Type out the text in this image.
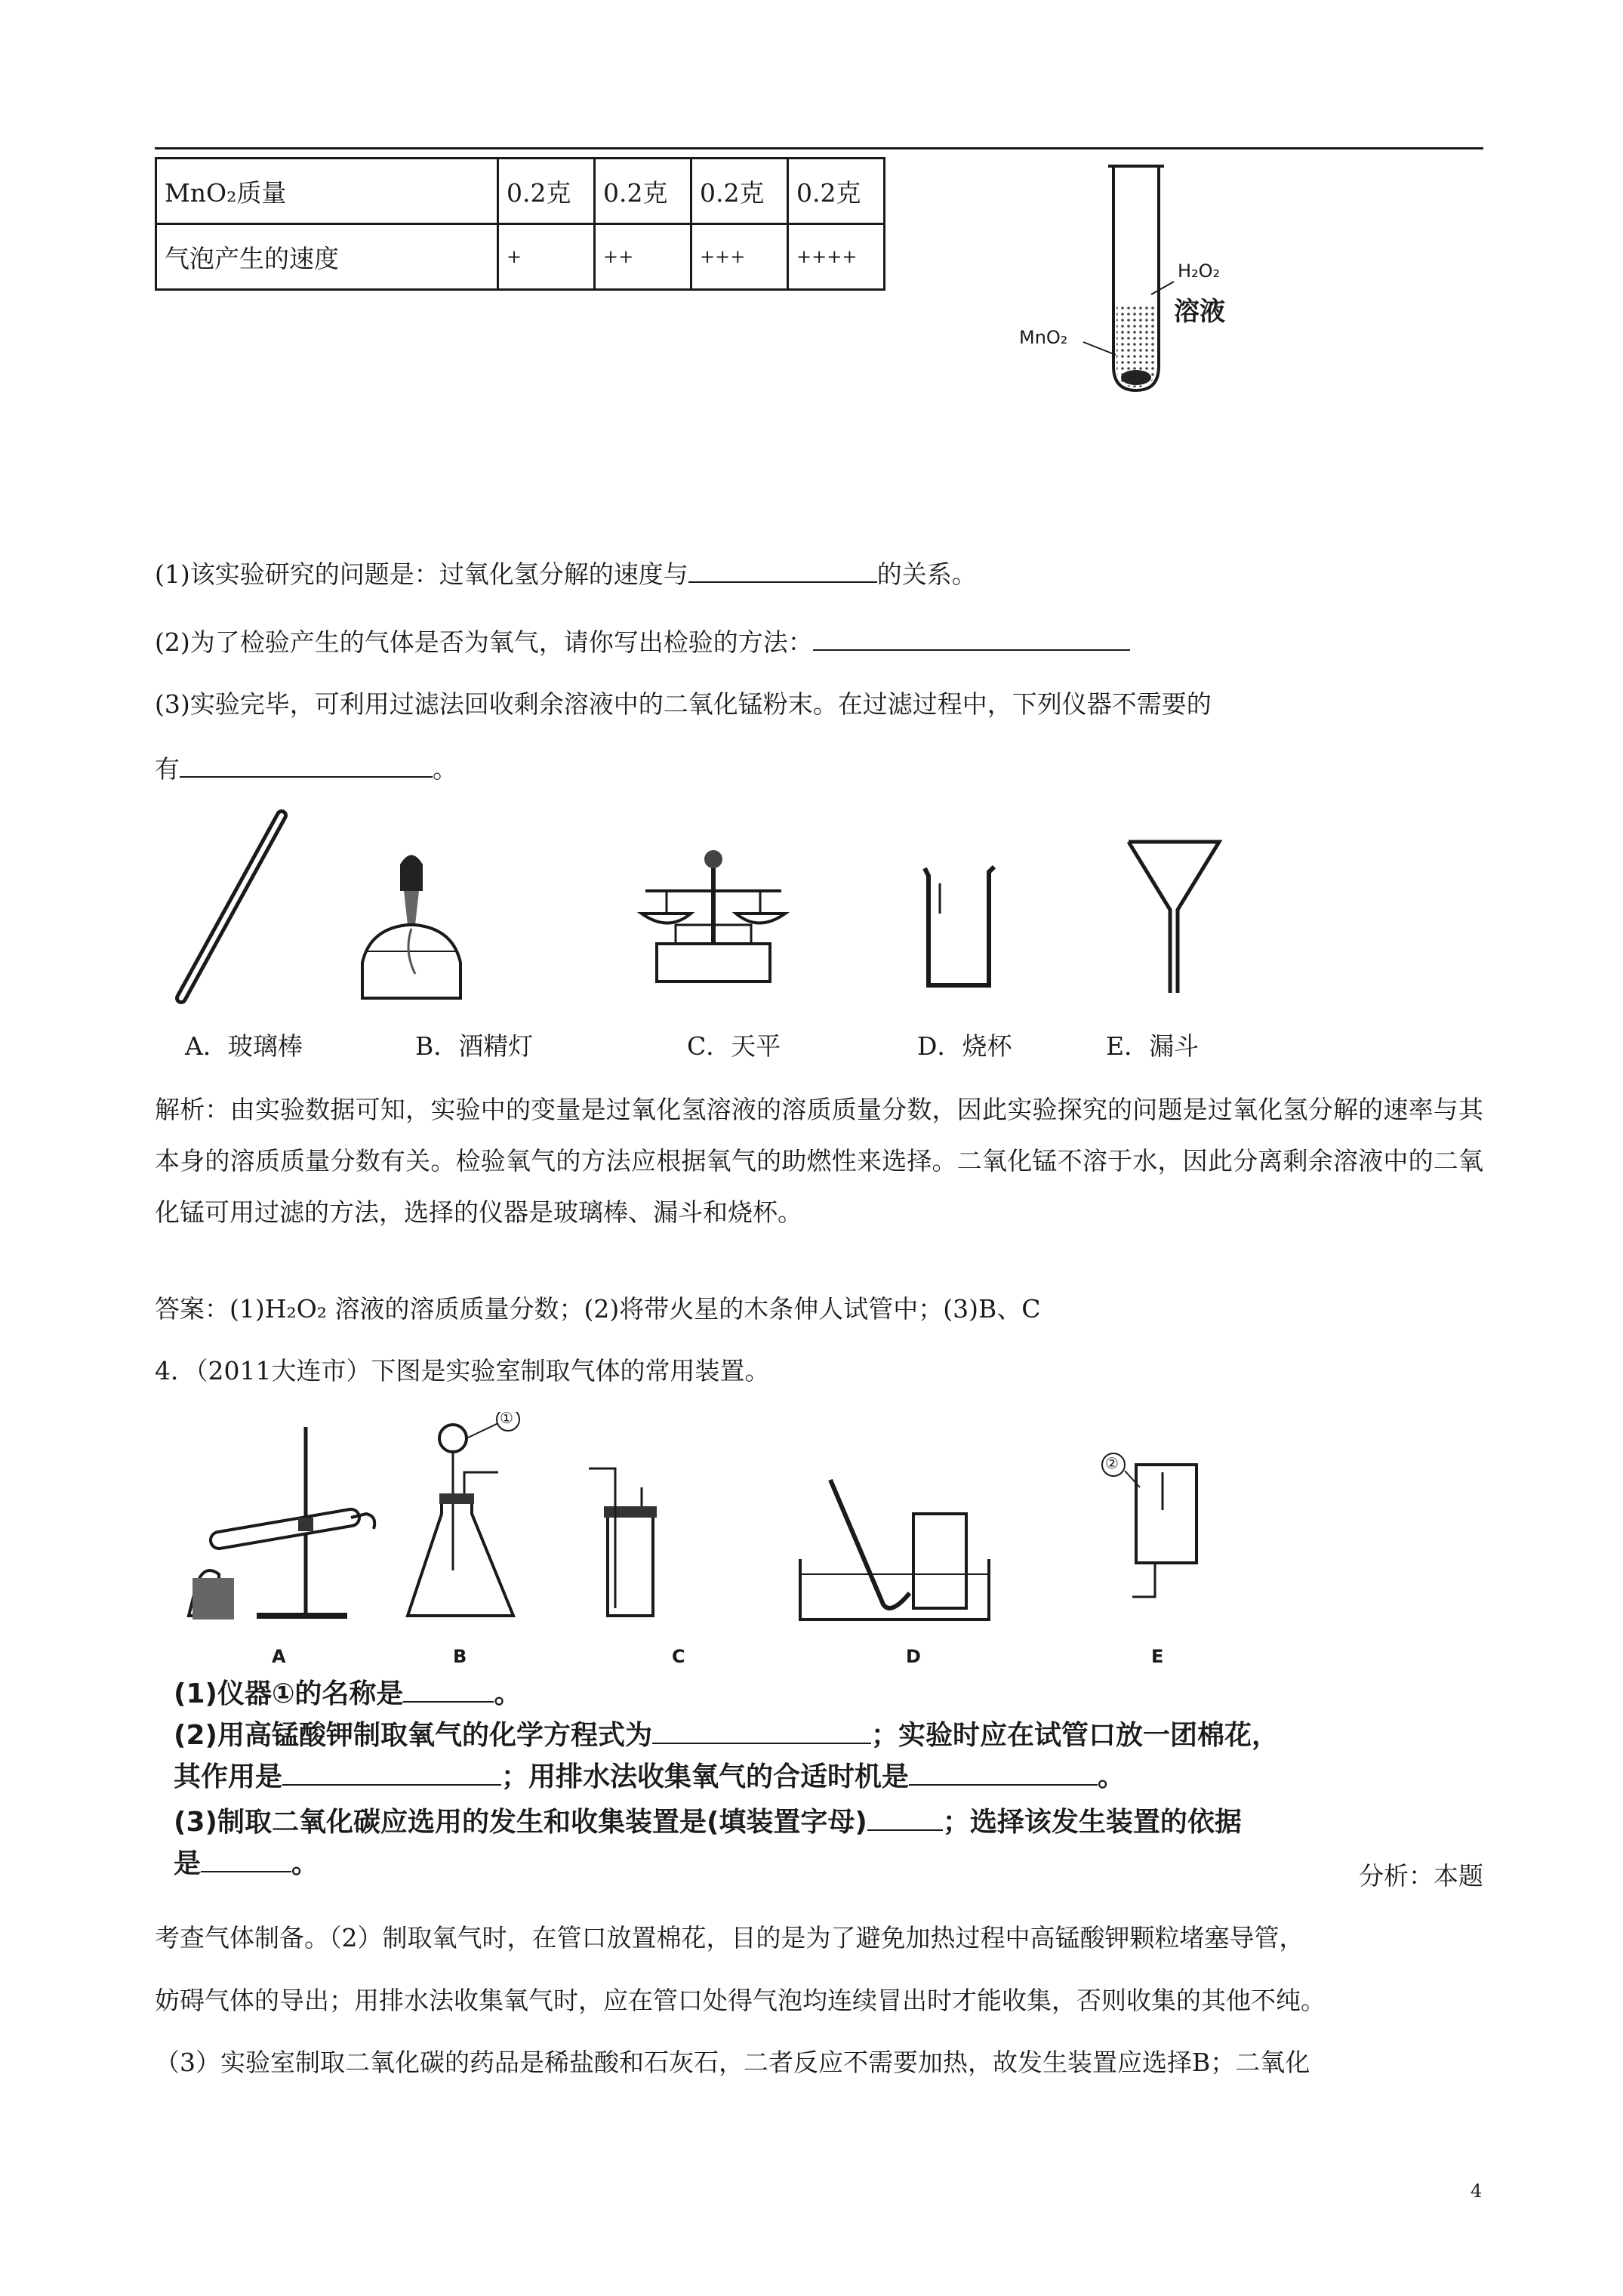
MnO₂质量	0.2克	0.2克	0.2克	0.2克
气泡产生的速度	+	++	+++	++++
H₂O₂
溶液
MnO₂
(1)该实验研究的问题是：过氧化氢分解的速度与	的关系。
(2)为了检验产生的气体是否为氧气，请你写出检验的方法：
(3)实验完毕，可利用过滤法回收剩余溶液中的二氧化锰粉末。在过滤过程中，下列仪器不需要的
有	。
A．玻璃棒	B．酒精灯	C．天平	D．烧杯	E．漏斗
解析：由实验数据可知，实验中的变量是过氧化氢溶液的溶质质量分数，因此实验探究的问题是过氧化氢分解的速率与其本身的溶质质量分数有关。检验氧气的方法应根据氧气的助燃性来选择。二氧化锰不溶于水，因此分离剩余溶液中的二氧化锰可用过滤的方法，选择的仪器是玻璃棒、漏斗和烧杯。
答案：(1)H₂O₂ 溶液的溶质质量分数；(2)将带火星的木条伸人试管中；(3)B、C
4．（2011大连市）下图是实验室制取气体的常用装置。
①
②
A	B	C	D	E
(1)仪器①的名称是	。
(2)用高锰酸钾制取氧气的化学方程式为	；实验时应在试管口放一团棉花，
其作用是	；用排水法收集氧气的合适时机是	。
(3)制取二氧化碳应选用的发生和收集装置是(填装置字母)	；选择该发生装置的依据
是	。	分析：本题
考查气体制备。（2）制取氧气时，在管口放置棉花，目的是为了避免加热过程中高锰酸钾颗粒堵塞导管，
妨碍气体的导出；用排水法收集氧气时，应在管口处得气泡均连续冒出时才能收集，否则收集的其他不纯。
（3）实验室制取二氧化碳的药品是稀盐酸和石灰石，二者反应不需要加热，故发生装置应选择B；二氧化
4
